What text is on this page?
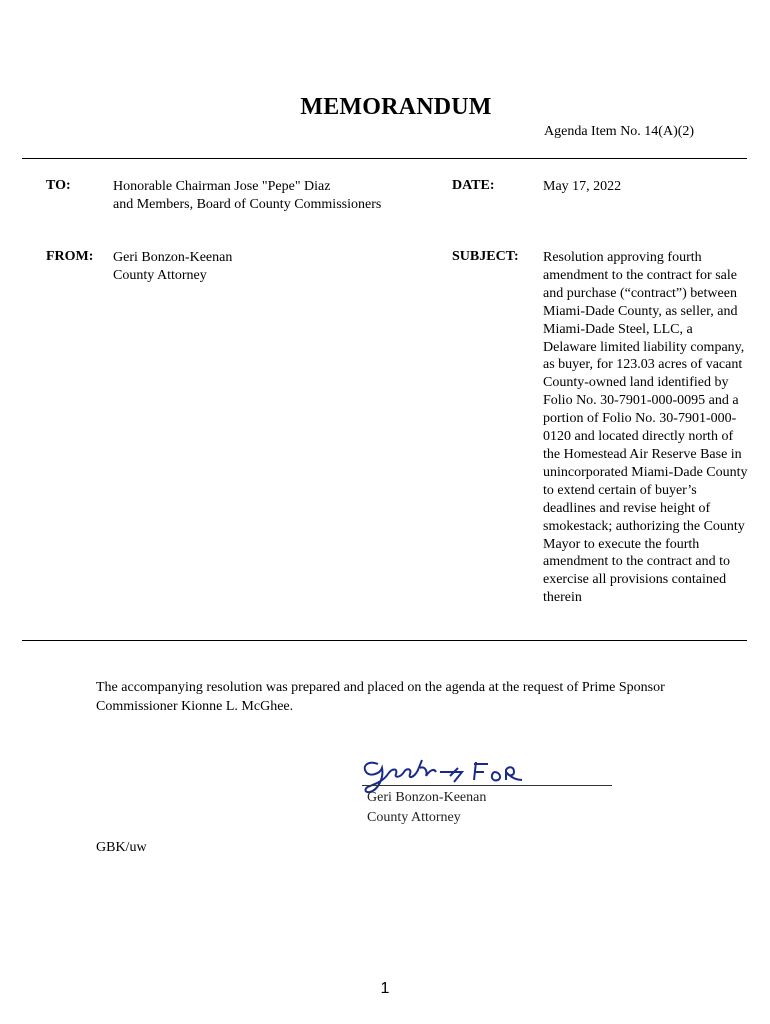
MEMORANDUM
Agenda Item No. 14(A)(2)
TO:	Honorable Chairman Jose "Pepe" Diaz
and Members, Board of County Commissioners
DATE:	May 17, 2022
FROM: Geri Bonzon-Keenan
County Attorney
SUBJECT: Resolution approving fourth amendment to the contract for sale and purchase (“contract”) between Miami-Dade County, as seller, and Miami-Dade Steel, LLC, a Delaware limited liability company, as buyer, for 123.03 acres of vacant County-owned land identified by Folio No. 30-7901-000-0095 and a portion of Folio No. 30-7901-000-0120 and located directly north of the Homestead Air Reserve Base in unincorporated Miami-Dade County to extend certain of buyer’s deadlines and revise height of smokestack; authorizing the County Mayor to execute the fourth amendment to the contract and to exercise all provisions contained therein
The accompanying resolution was prepared and placed on the agenda at the request of Prime Sponsor Commissioner Kionne L. McGhee.
Geri Bonzon-Keenan
County Attorney
GBK/uw
1
